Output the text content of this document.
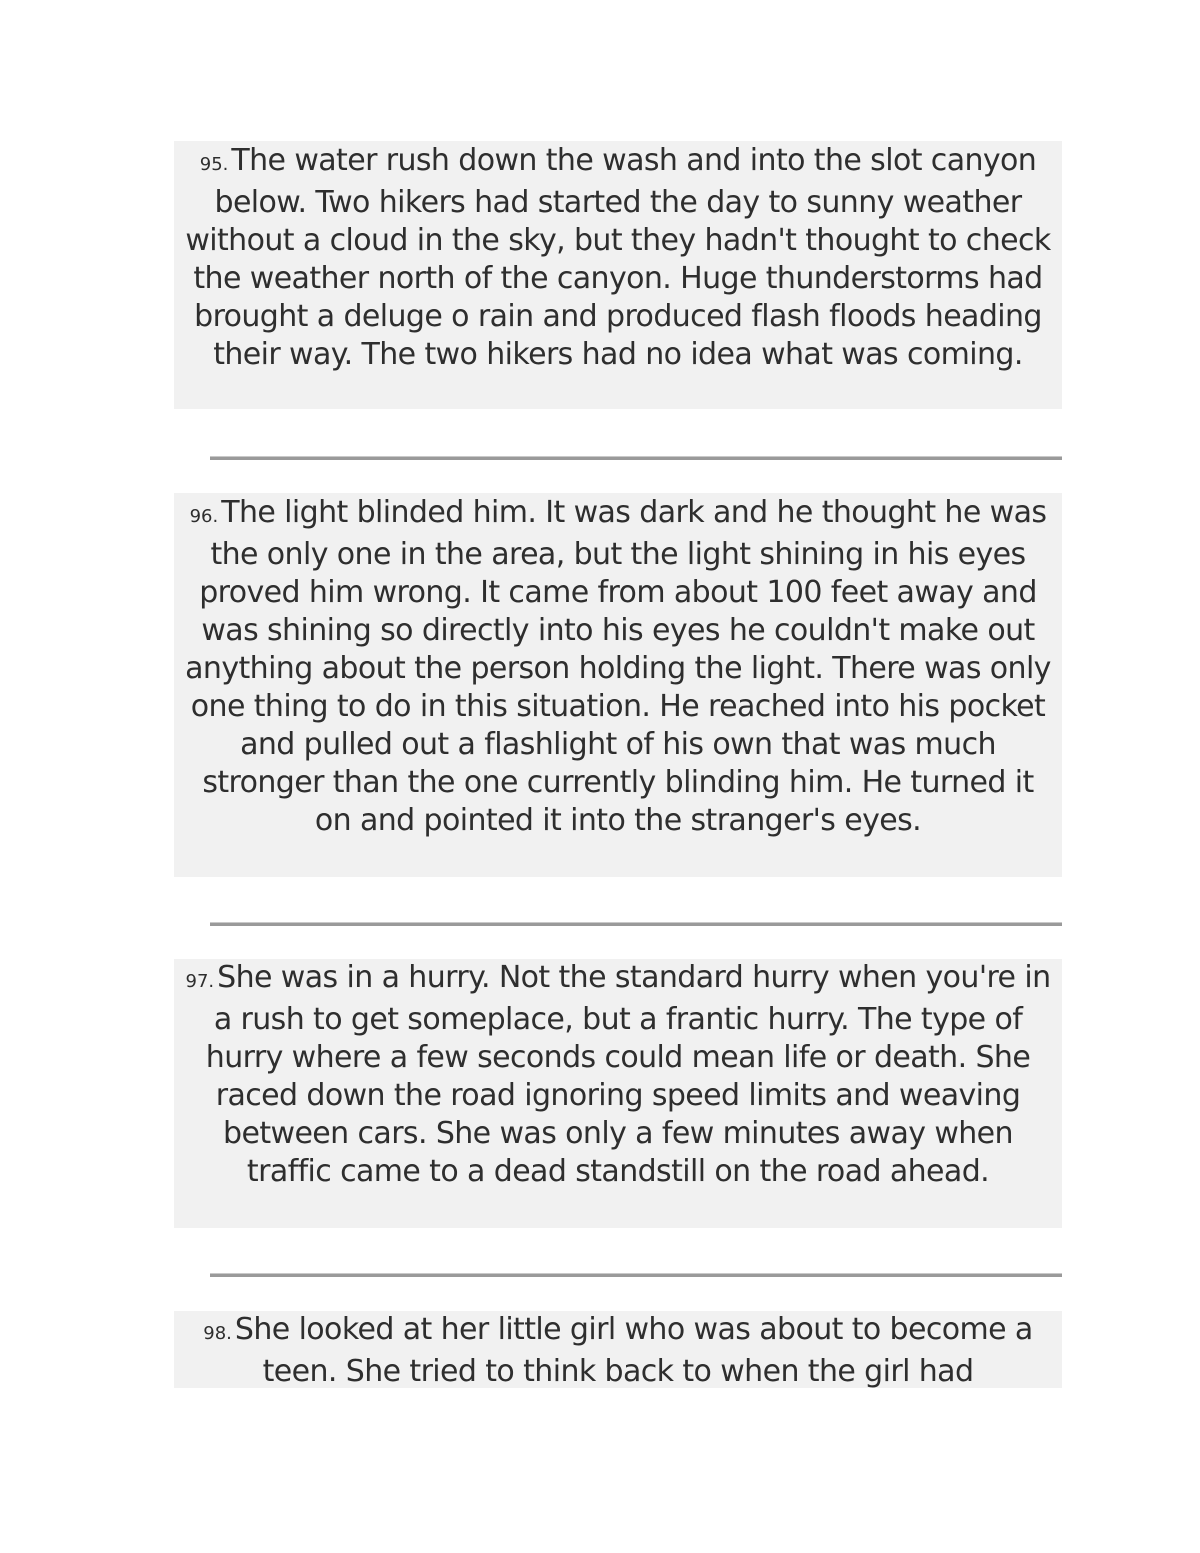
95. The water rush down the wash and into the slot canyon below. Two hikers had started the day to sunny weather without a cloud in the sky, but they hadn't thought to check the weather north of the canyon. Huge thunderstorms had brought a deluge o rain and produced flash floods heading their way. The two hikers had no idea what was coming.
96. The light blinded him. It was dark and he thought he was the only one in the area, but the light shining in his eyes proved him wrong. It came from about 100 feet away and was shining so directly into his eyes he couldn't make out anything about the person holding the light. There was only one thing to do in this situation. He reached into his pocket and pulled out a flashlight of his own that was much stronger than the one currently blinding him. He turned it on and pointed it into the stranger's eyes.
97. She was in a hurry. Not the standard hurry when you're in a rush to get someplace, but a frantic hurry. The type of hurry where a few seconds could mean life or death. She raced down the road ignoring speed limits and weaving between cars. She was only a few minutes away when traffic came to a dead standstill on the road ahead.
98. She looked at her little girl who was about to become a teen. She tried to think back to when the girl had
